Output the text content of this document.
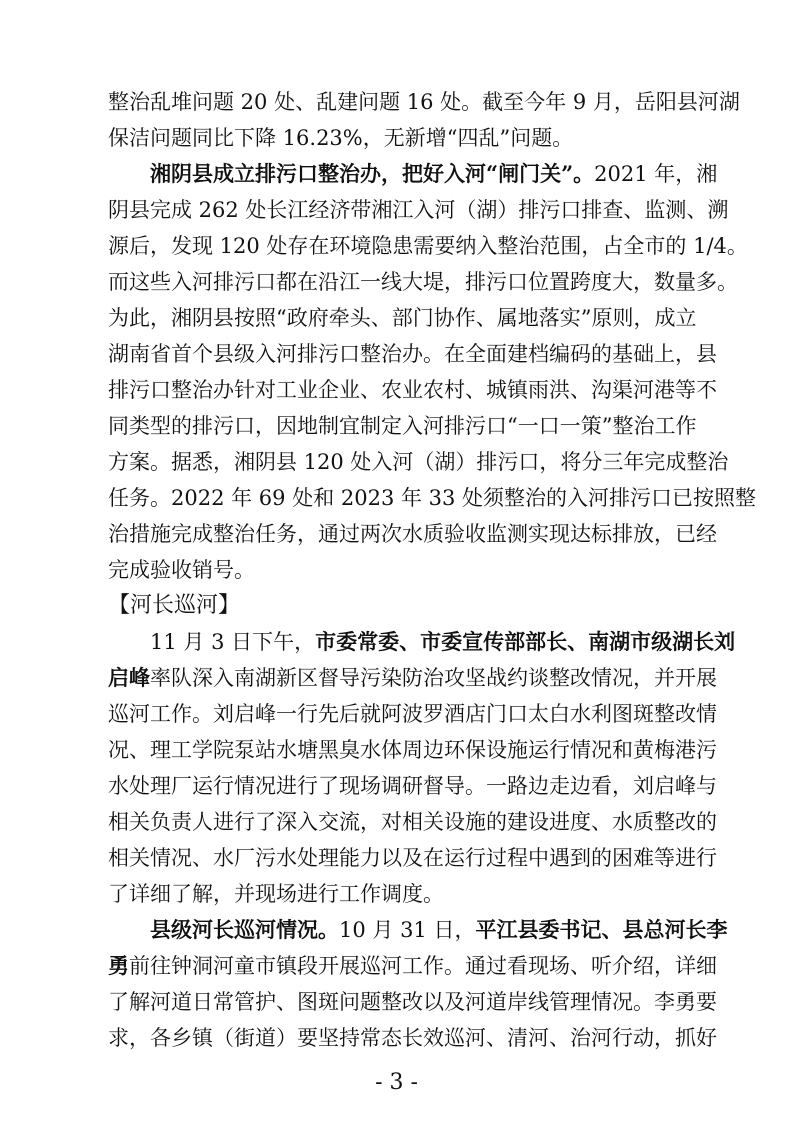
整治乱堆问题 20 处、乱建问题 16 处。截至今年 9 月，岳阳县河湖
保洁问题同比下降 16.23%，无新增“四乱”问题。
湘阴县成立排污口整治办，把好入河“闸门关”。2021 年，湘
阴县完成 262 处长江经济带湘江入河（湖）排污口排查、监测、溯
源后，发现 120 处存在环境隐患需要纳入整治范围，占全市的 1/4。
而这些入河排污口都在沿江一线大堤，排污口位置跨度大，数量多。
为此，湘阴县按照“政府牵头、部门协作、属地落实”原则，成立
湖南省首个县级入河排污口整治办。在全面建档编码的基础上，县
排污口整治办针对工业企业、农业农村、城镇雨洪、沟渠河港等不
同类型的排污口，因地制宜制定入河排污口“一口一策”整治工作
方案。据悉，湘阴县 120 处入河（湖）排污口，将分三年完成整治
任务。2022 年 69 处和 2023 年 33 处须整治的入河排污口已按照整
治措施完成整治任务，通过两次水质验收监测实现达标排放，已经
完成验收销号。
【河长巡河】
11 月 3 日下午，市委常委、市委宣传部部长、南湖市级湖长刘
启峰率队深入南湖新区督导污染防治攻坚战约谈整改情况，并开展
巡河工作。刘启峰一行先后就阿波罗酒店门口太白水利图斑整改情
况、理工学院泵站水塘黑臭水体周边环保设施运行情况和黄梅港污
水处理厂运行情况进行了现场调研督导。一路边走边看，刘启峰与
相关负责人进行了深入交流，对相关设施的建设进度、水质整改的
相关情况、水厂污水处理能力以及在运行过程中遇到的困难等进行
了详细了解，并现场进行工作调度。
县级河长巡河情况。10 月 31 日，平江县委书记、县总河长李
勇前往钟洞河童市镇段开展巡河工作。通过看现场、听介绍，详细
了解河道日常管护、图斑问题整改以及河道岸线管理情况。李勇要
求，各乡镇（街道）要坚持常态长效巡河、清河、治河行动，抓好
- 3 -
